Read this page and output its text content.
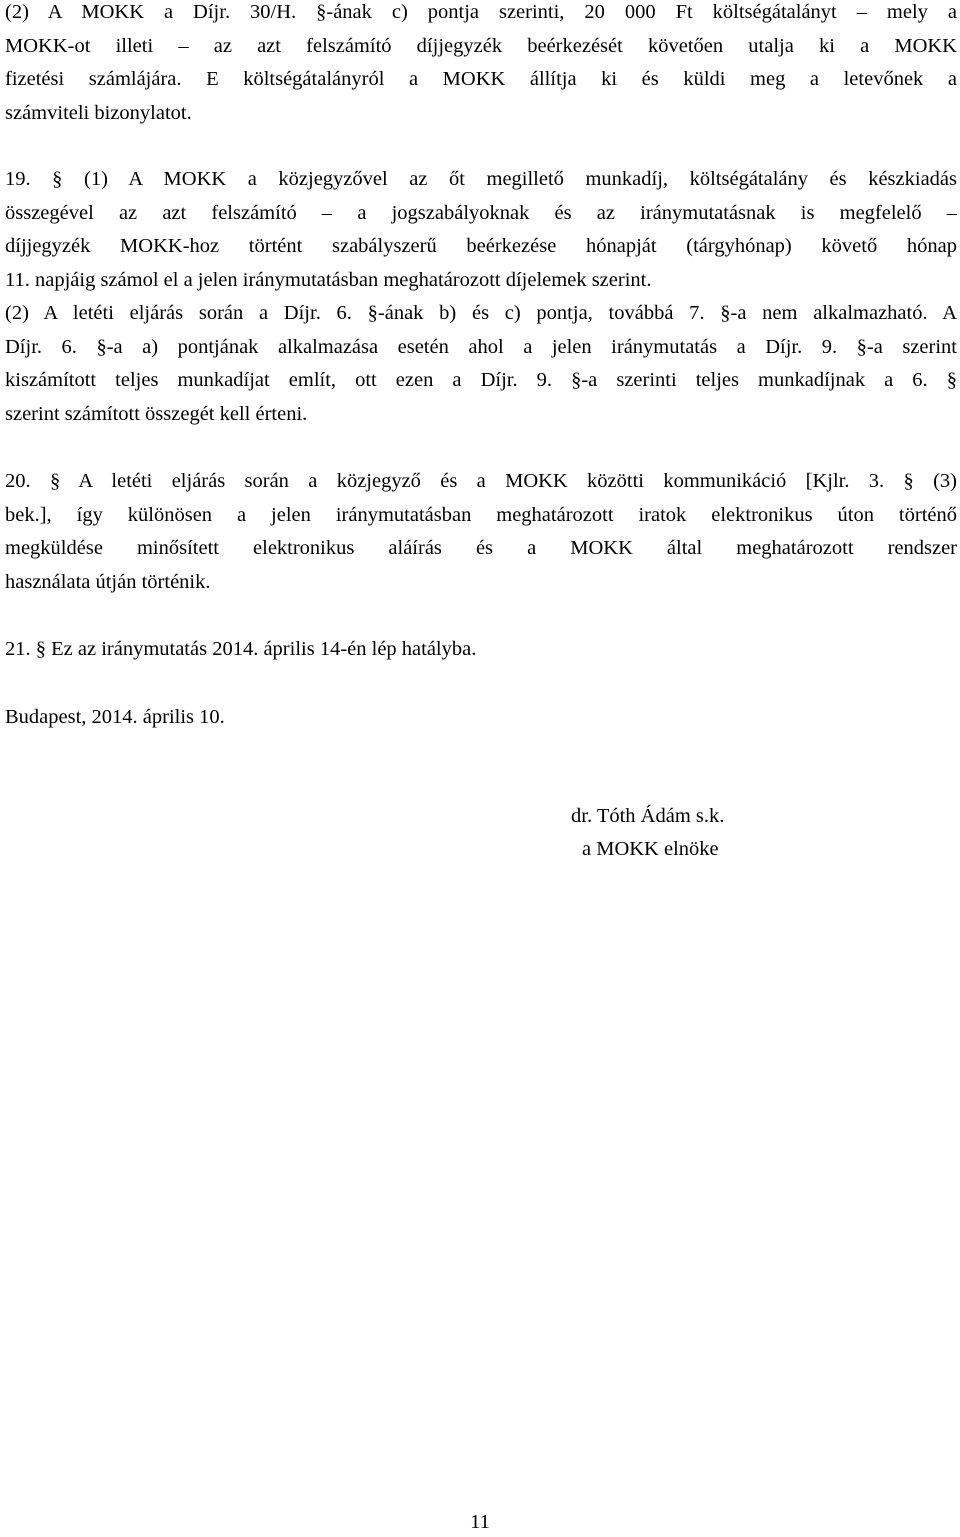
(2) A MOKK a Díjr. 30/H. §-ának c) pontja szerinti, 20 000 Ft költségátalányt – mely a
MOKK-ot illeti – az azt felszámító díjjegyzék beérkezését követően utalja ki a MOKK
fizetési számlájára. E költségátalányról a MOKK állítja ki és küldi meg a letevőnek a
számviteli bizonylatot.

19. § (1) A MOKK a közjegyzővel az őt megillető munkadíj, költségátalány és készkiadás
összegével az azt felszámító – a jogszabályoknak és az iránymutatásnak is megfelelő –
díjjegyzék MOKK-hoz történt szabályszerű beérkezése hónapját (tárgyhónap) követő hónap
11. napjáig számol el a jelen iránymutatásban meghatározott díjelemek szerint.
(2) A letéti eljárás során a Díjr. 6. §-ának b) és c) pontja, továbbá 7. §-a nem alkalmazható. A
Díjr. 6. §-a a) pontjának alkalmazása esetén ahol a jelen iránymutatás a Díjr. 9. §-a szerint
kiszámított teljes munkadíjat említ, ott ezen a Díjr. 9. §-a szerinti teljes munkadíjnak a 6. §
szerint számított összegét kell érteni.

20. § A letéti eljárás során a közjegyző és a MOKK közötti kommunikáció [Kjlr. 3. § (3)
bek.], így különösen a jelen iránymutatásban meghatározott iratok elektronikus úton történő
megküldése minősített elektronikus aláírás és a MOKK által meghatározott rendszer
használata útján történik.

21. § Ez az iránymutatás 2014. április 14-én lép hatályba.

Budapest, 2014. április 10.

dr. Tóth Ádám s.k.
a MOKK elnöke
11
